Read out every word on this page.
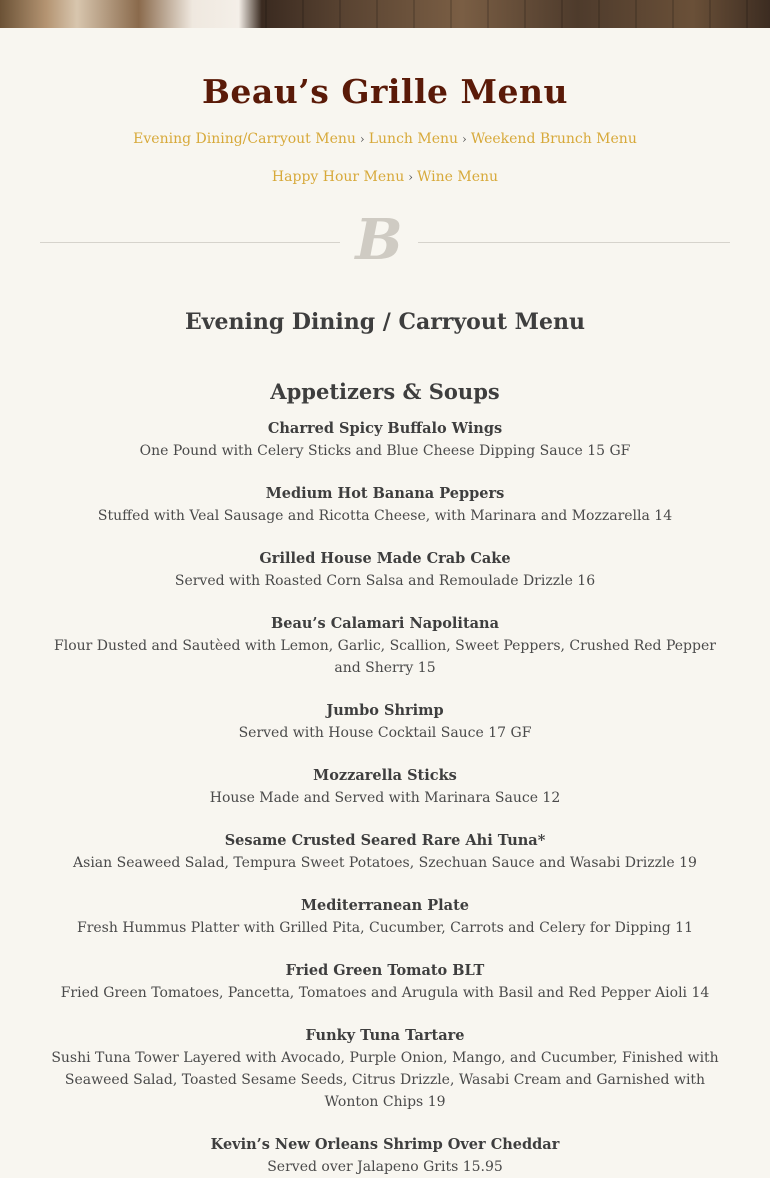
Beau’s Grille Menu
Evening Dining/Carryout Menu › Lunch Menu › Weekend Brunch Menu
Happy Hour Menu › Wine Menu
B
Evening Dining / Carryout Menu
Appetizers & Soups
Charred Spicy Buffalo Wings
One Pound with Celery Sticks and Blue Cheese Dipping Sauce 15 GF
Medium Hot Banana Peppers
Stuffed with Veal Sausage and Ricotta Cheese, with Marinara and Mozzarella 14
Grilled House Made Crab Cake
Served with Roasted Corn Salsa and Remoulade Drizzle 16
Beau’s Calamari Napolitana
Flour Dusted and Sautèed with Lemon, Garlic, Scallion, Sweet Peppers, Crushed Red Pepper and Sherry 15
Jumbo Shrimp
Served with House Cocktail Sauce 17 GF
Mozzarella Sticks
House Made and Served with Marinara Sauce 12
Sesame Crusted Seared Rare Ahi Tuna*
Asian Seaweed Salad, Tempura Sweet Potatoes, Szechuan Sauce and Wasabi Drizzle 19
Mediterranean Plate
Fresh Hummus Platter with Grilled Pita, Cucumber, Carrots and Celery for Dipping 11
Fried Green Tomato BLT
Fried Green Tomatoes, Pancetta, Tomatoes and Arugula with Basil and Red Pepper Aioli 14
Funky Tuna Tartare
Sushi Tuna Tower Layered with Avocado, Purple Onion, Mango, and Cucumber, Finished with Seaweed Salad, Toasted Sesame Seeds, Citrus Drizzle, Wasabi Cream and Garnished with Wonton Chips 19
Kevin’s New Orleans Shrimp Over Cheddar
Served over Jalapeno Grits 15.95
